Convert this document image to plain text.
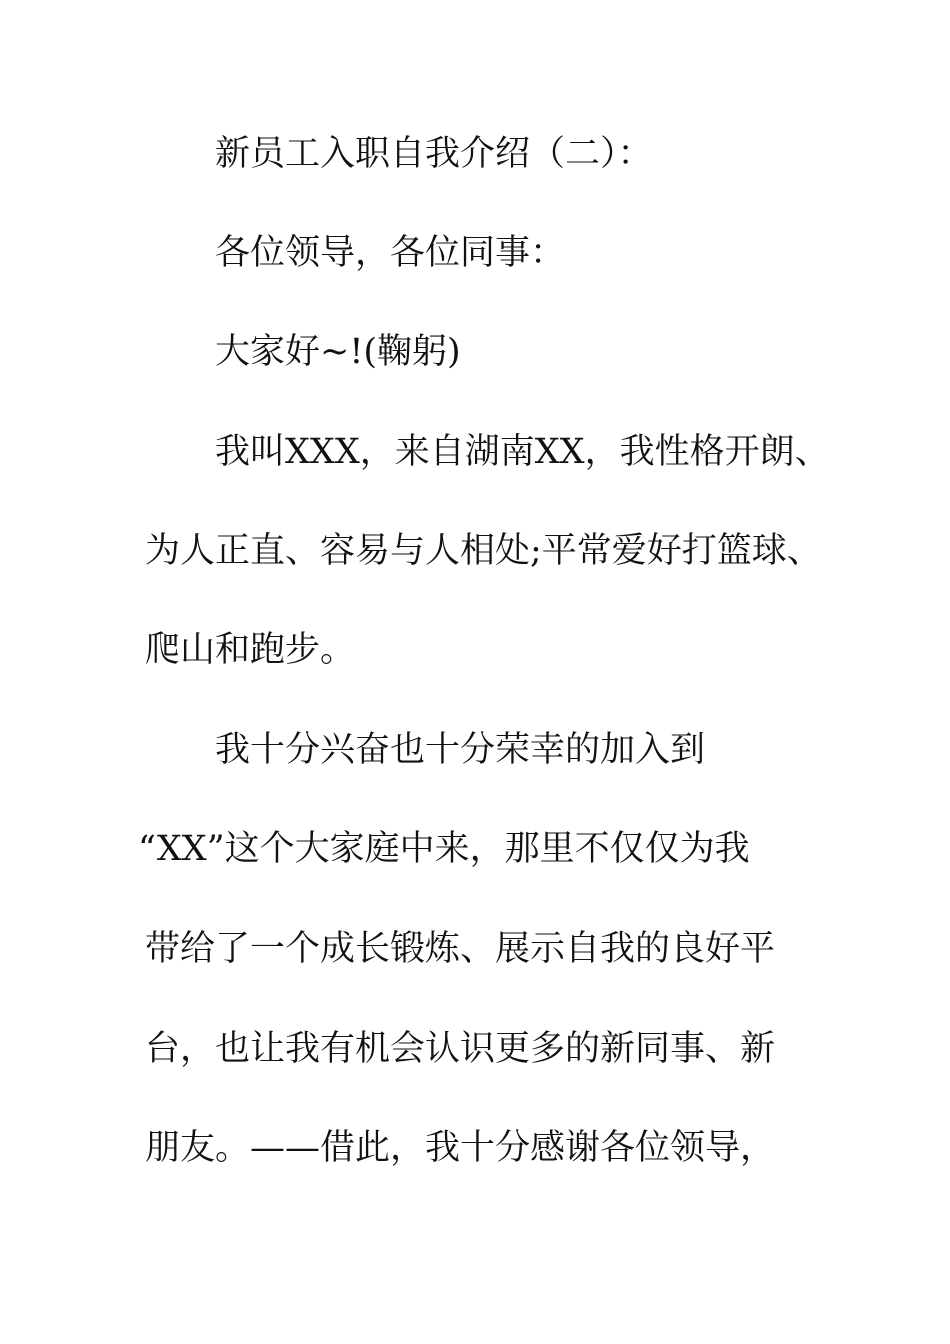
新员工入职自我介绍（二）：

各位领导，各位同事：

大家好~!(鞠躬)

我叫XXX，来自湖南XX，我性格开朗、

为人正直、容易与人相处;平常爱好打篮球、

爬山和跑步。

我十分兴奋也十分荣幸的加入到

“XX”这个大家庭中来，那里不仅仅为我

带给了一个成长锻炼、展示自我的良好平

台，也让我有机会认识更多的新同事、新

朋友。——借此，我十分感谢各位领导，
